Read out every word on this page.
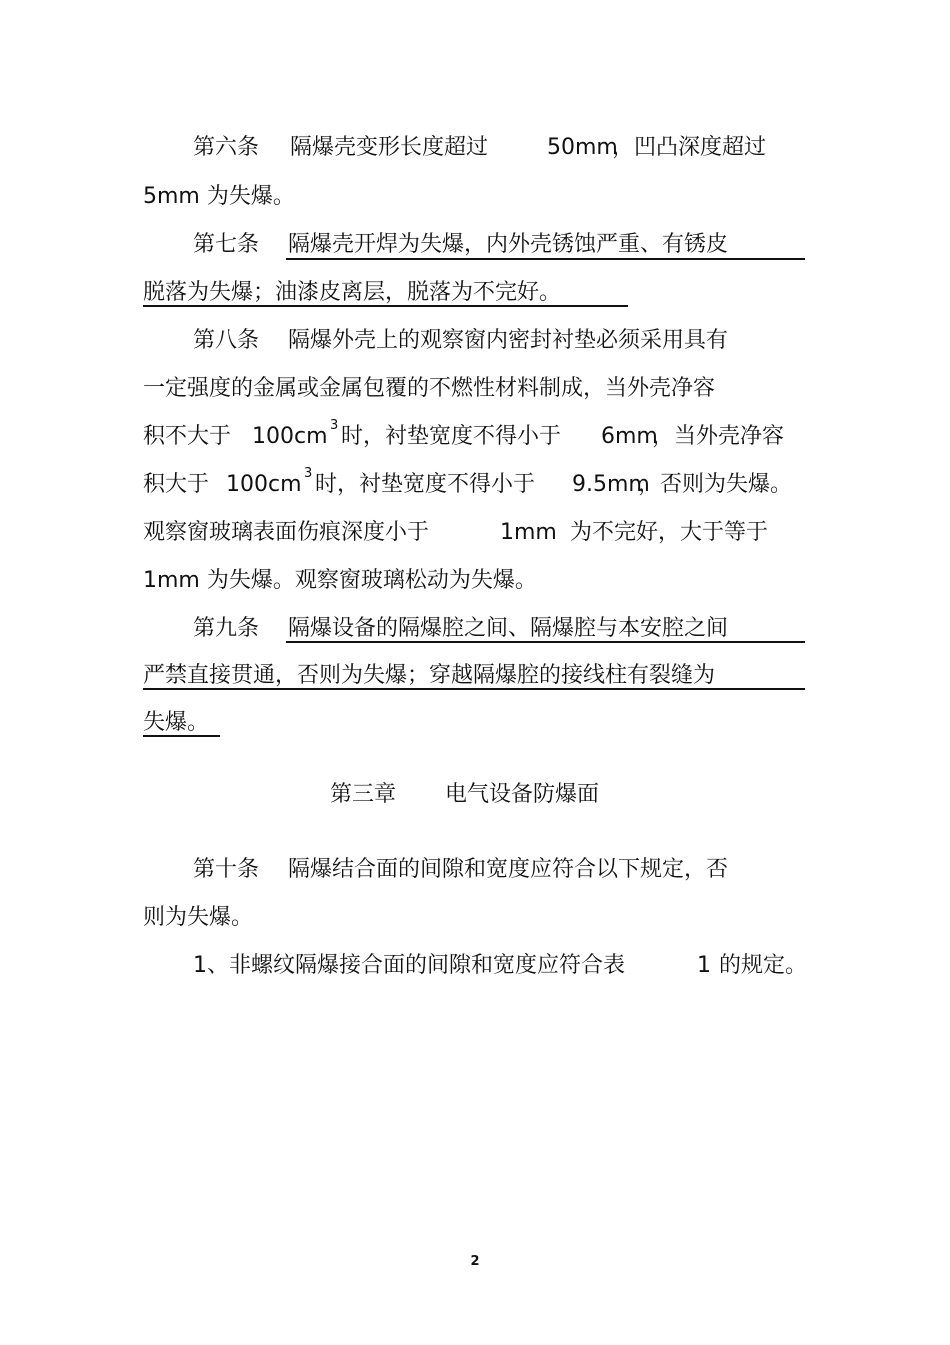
第六条 隔爆壳变形长度超过	50mm
，凹凸深度超过
5mm 为失爆。
第七条 隔爆壳开焊为失爆，内外壳锈蚀严重、有锈皮
脱落为失爆；油漆皮离层，脱落为不完好。
第八条 隔爆外壳上的观察窗内密封衬垫必须采用具有
一定强度的金属或金属包覆的不燃性材料制成，当外壳净容
积不大于 100cm 3 时，衬垫宽度不得小于 6mm
，当外壳净容
积大于 100cm 3 时，衬垫宽度不得小于 9.5mm
，否则为失爆。
观察窗玻璃表面伤痕深度小于	1mm 为不完好，大于等于
1mm 为失爆。观察窗玻璃松动为失爆。
第九条 隔爆设备的隔爆腔之间、隔爆腔与本安腔之间
严禁直接贯通，否则为失爆；穿越隔爆腔的接线柱有裂缝为
失爆。
第三章 电气设备防爆面
第十条 隔爆结合面的间隙和宽度应符合以下规定，否
则为失爆。
1、非螺纹隔爆接合面的间隙和宽度应符合表	1 的规定。
2
